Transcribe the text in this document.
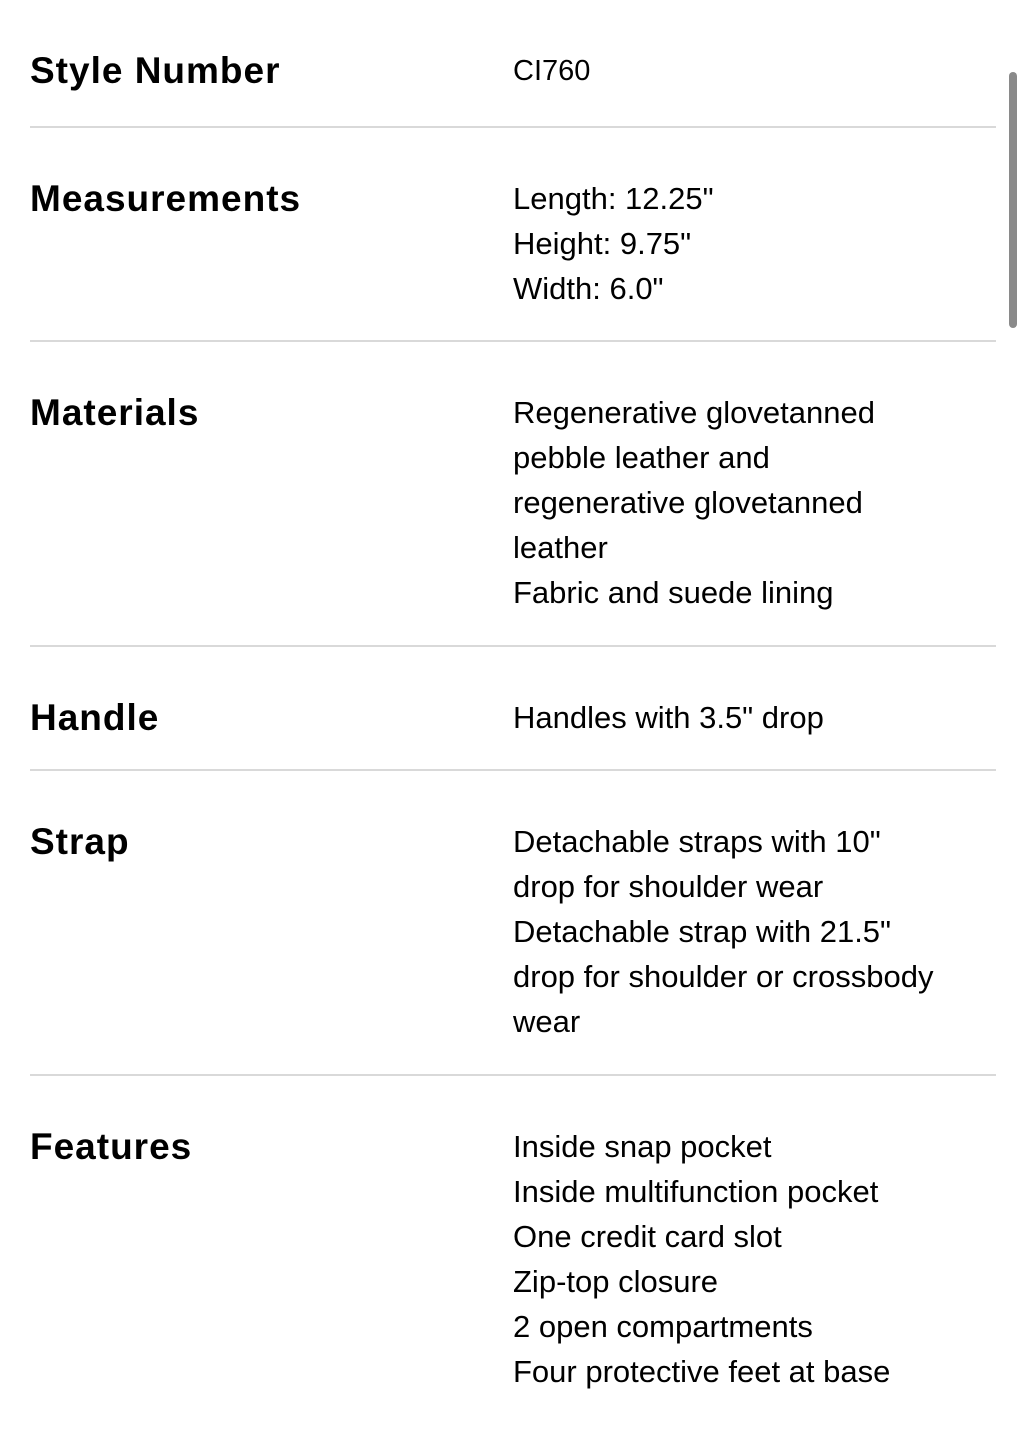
Style Number	CI760
Measurements	Length: 12.25"
Height: 9.75"
Width: 6.0"
Materials	Regenerative glovetanned
pebble leather and
regenerative glovetanned
leather
Fabric and suede lining
Handle	Handles with 3.5" drop
Strap	Detachable straps with 10"
drop for shoulder wear
Detachable strap with 21.5"
drop for shoulder or crossbody
wear
Features	Inside snap pocket
Inside multifunction pocket
One credit card slot
Zip-top closure
2 open compartments
Four protective feet at base
